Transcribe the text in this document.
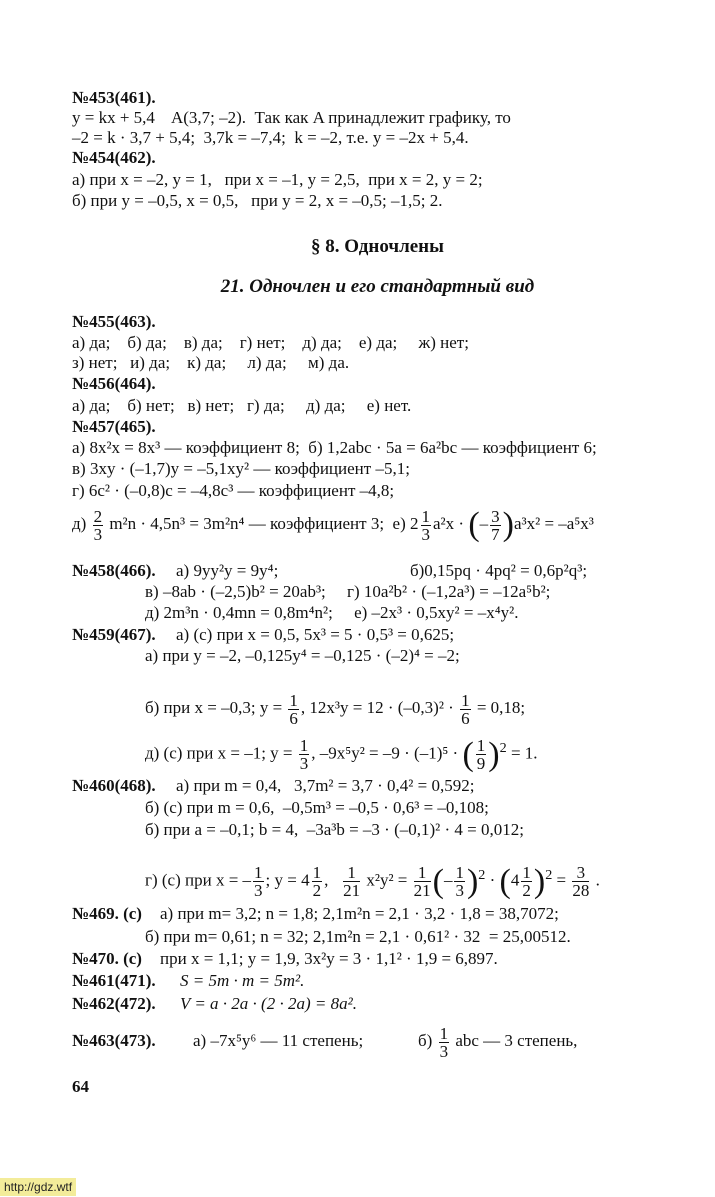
№453(461).
y = kx + 5,4    A(3,7; –2).  Так как A принадлежит графику, то
–2 = k · 3,7 + 5,4;  3,7k = –7,4;  k = –2, т.е. y = –2x + 5,4.
№454(462).
а) при x = –2, y = 1,   при x = –1, y = 2,5,  при x = 2, y = 2;
б) при y = –0,5, x = 0,5,   при y = 2, x = –0,5; –1,5; 2.
§ 8. Одночлены
21. Одночлен и его стандартный вид
№455(463).
а) да;    б) да;    в) да;    г) нет;    д) да;    е) да;     ж) нет;
з) нет;   и) да;    к) да;     л) да;     м) да.
№456(464).
а) да;    б) нет;   в) нет;   г) да;     д) да;     е) нет.
№457(465).
а) 8x²x = 8x³ — коэффициент 8;  б) 1,2abc · 5a = 6a²bc — коэффициент 6;
в) 3xy · (–1,7)y = –5,1xy² — коэффициент –5,1;
г) 6c² · (–0,8)c = –4,8c³ — коэффициент –4,8;
$д) \frac{2}{3} m^2n \cdot 4,5n^3 = 3m^2n^4$ — коэффициент 3;  е) $2 \frac{1}{3} a^2x$ · (– $\frac{3}{7} )a^3x^2 = -a^5x^3$
№458(466). а) 9yy²y = 9y⁴;	б)0,15pq · 4pq² = 0,6p²q³;
в) –8ab · (–2,5)b² = 20ab³;     г) 10a²b² · (–1,2a³) = –12a⁵b²;
д) 2m³n · 0,4mn = 0,8m⁴n²;     е) –2x³ · 0,5xy² = –x⁴y².
№459(467). а) (с) при x = 0,5, 5x³ = 5 · 0,5³ = 0,625;
а) при y = –2, –0,125y⁴ = –0,125 · (–2)⁴ = –2;
б) при x = –0,3; $y = \frac{1}{6}$ , $12x^3y = 12 \cdot (-0,3)^2 \cdot \frac{1}{6} = 0,18$;
д) (с) при x = –1; $y = \frac{1}{3}$ , –9x⁵y² = –9 · (–1)⁵ · ( $\frac{1}{9} )^2 = 1$.
№460(468). а) при m = 0,4,   3,7m² = 3,7 · 0,4² = 0,592;
б) (с) при m = 0,6,  –0,5m³ = –0,5 · 0,6³ = –0,108;
б) при a = –0,1; b = 4,  –3a³b = –3 · (–0,1)² · 4 = 0,012;
г) (с) при x = – $\frac{1}{3}$ ; $y = 4 \frac{1}{2}$ , $\frac{1}{21} x^2y^2 = \frac{1}{21}$ (– $\frac{1}{3} )^2 \cdot (4 \frac{1}{2} )^2 = \frac{3}{28}$ .
№469. (с) а) при m= 3,2; n = 1,8; 2,1m²n = 2,1 · 3,2 · 1,8 = 38,7072;
б) при m= 0,61; n = 32; 2,1m²n = 2,1 · 0,61² · 32  = 25,00512.
№470. (с) при x = 1,1; y = 1,9, 3x²y = 3 · 1,1² · 1,9 = 6,897.
№461(471). S = 5m · m = 5m².
№462(472). V = a · 2a · (2 · 2a) = 8a².
№463(473). а) –7x⁵y⁶ — 11 степень;	$б) \frac{1}{3}$ abc — 3 степень,
64
http://gdz.wtf
